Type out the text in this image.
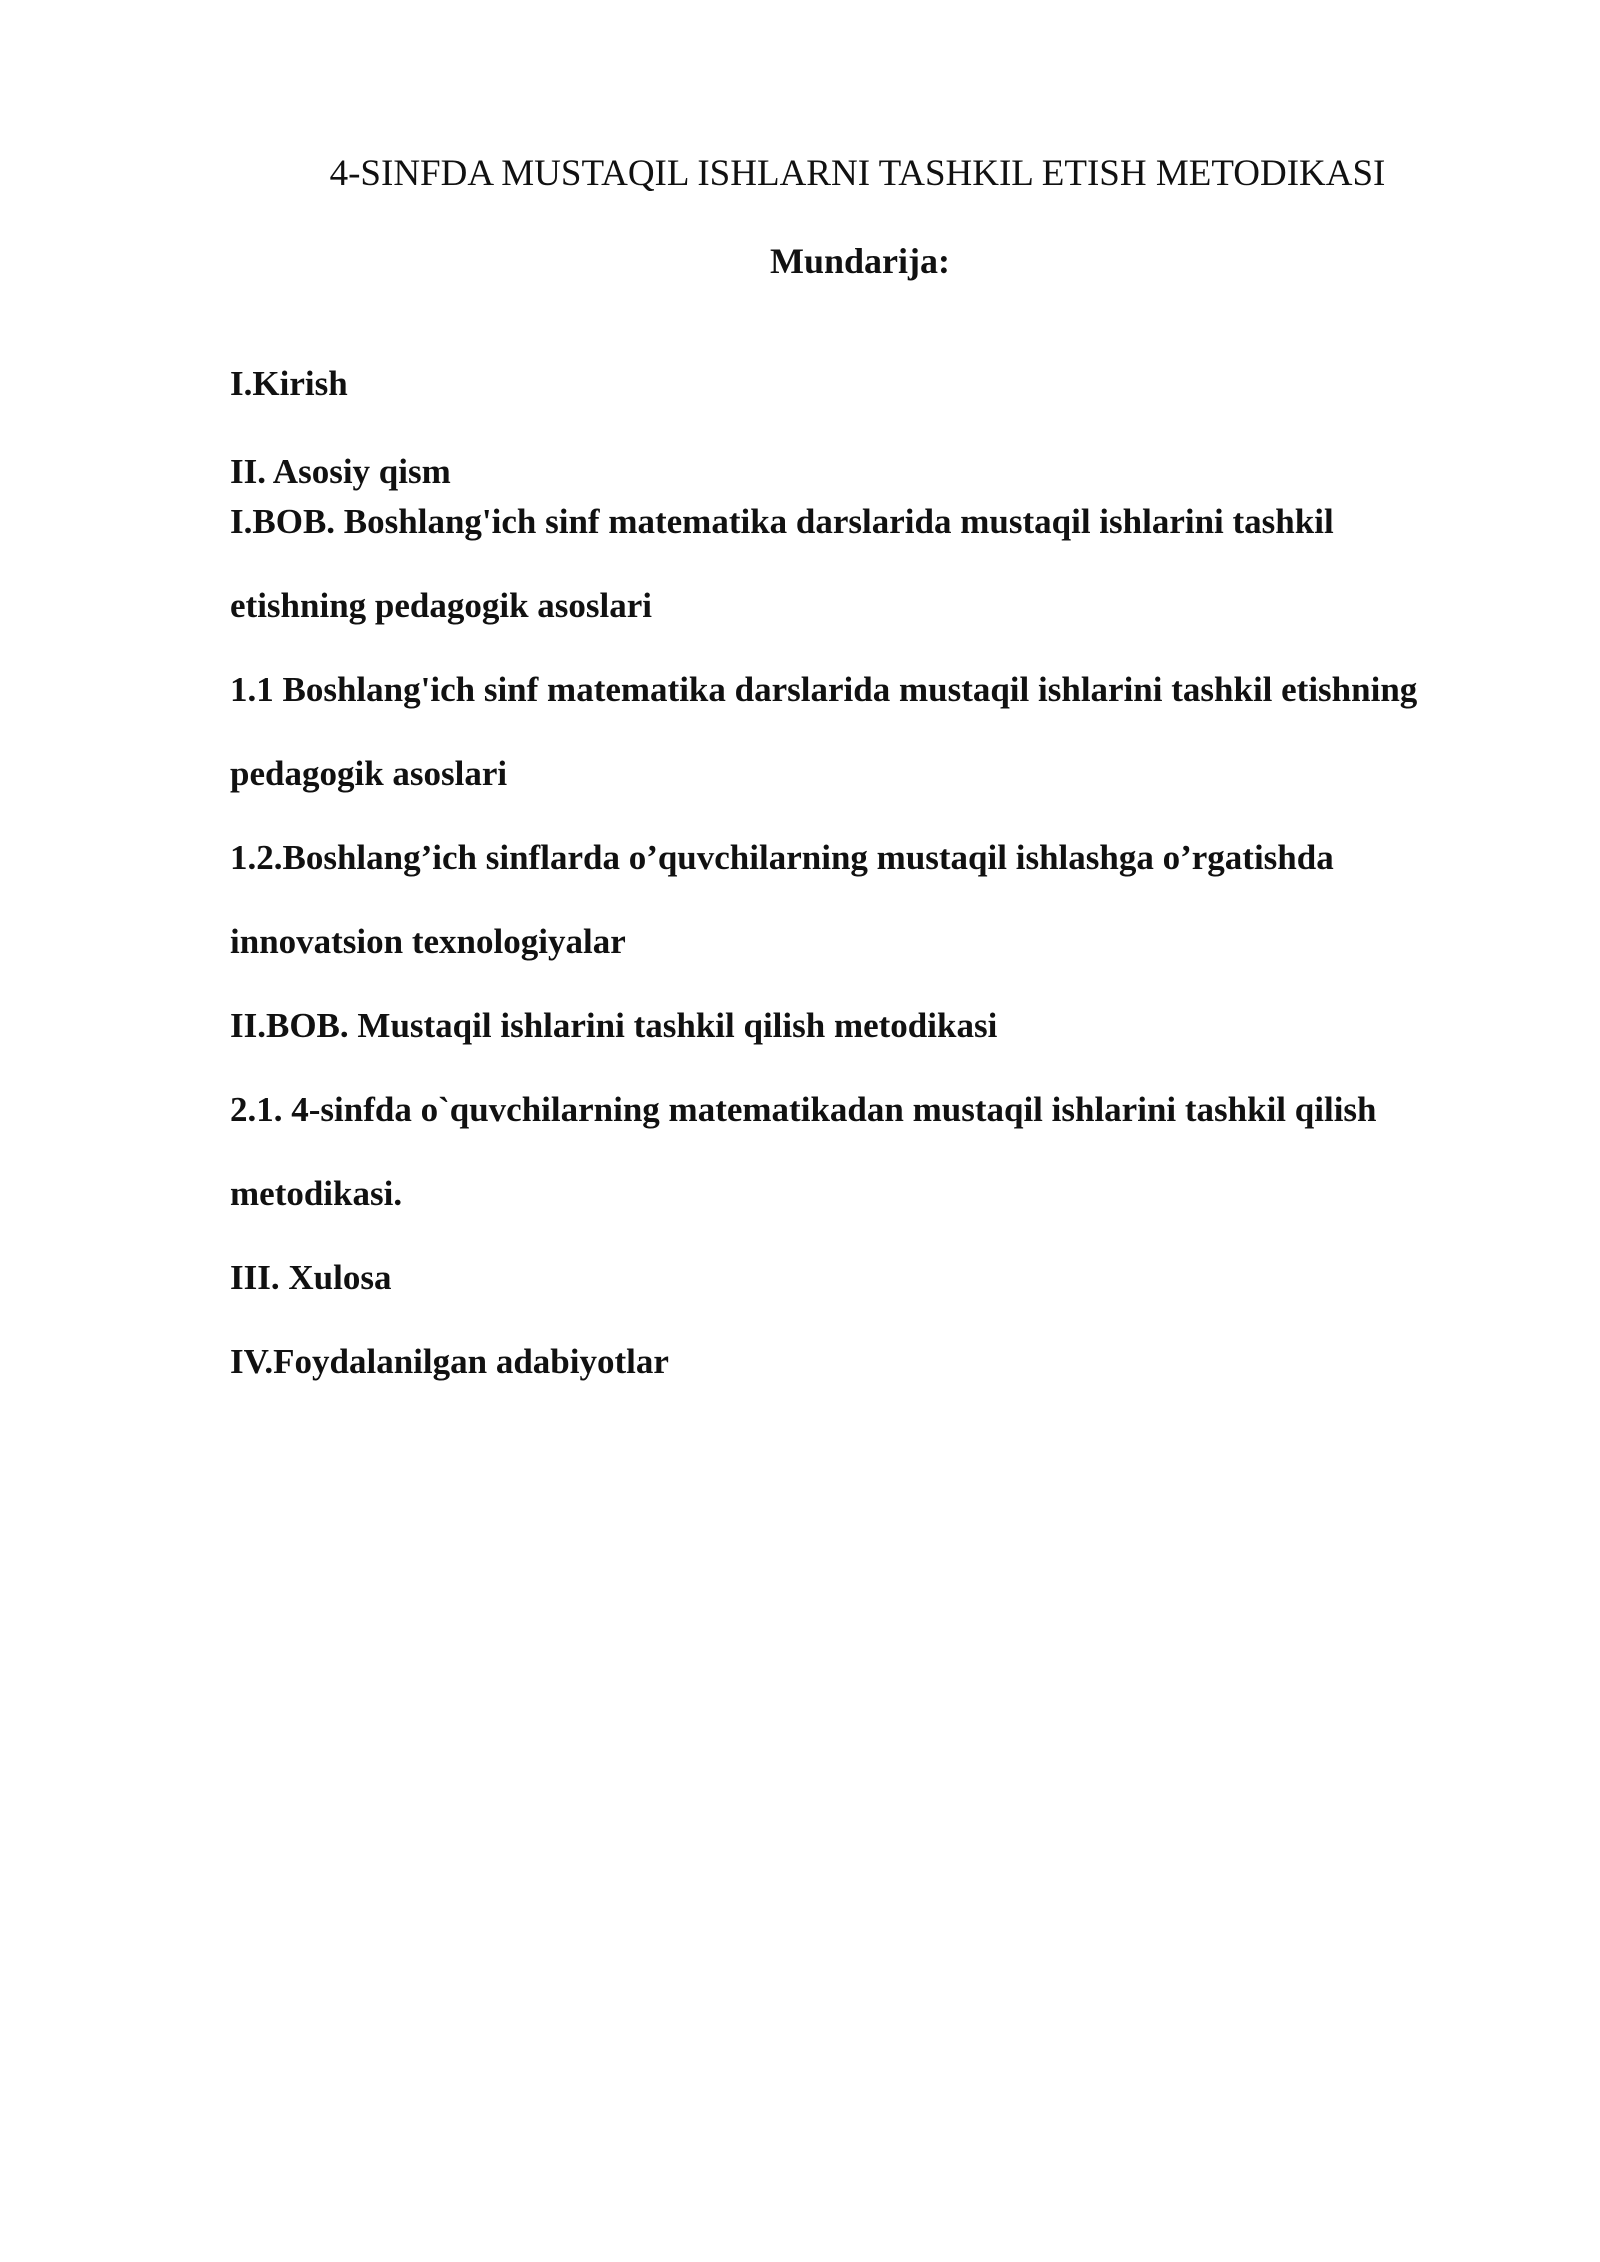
4-SINFDA MUSTAQIL ISHLARNI TASHKIL ETISH METODIKASI
Mundarija:
I.Kirish
II. Asosiy qism
I.BOB. Boshlang'ich sinf matematika darslarida mustaqil ishlarini tashkil
etishning pedagogik asoslari
1.1 Boshlang'ich sinf matematika darslarida mustaqil ishlarini tashkil etishning
pedagogik asoslari
1.2.Boshlang’ich sinflarda o’quvchilarning mustaqil ishlashga o’rgatishda
innovatsion texnologiyalar
II.BOB. Mustaqil ishlarini tashkil qilish metodikasi
2.1. 4-sinfda o`quvchilarning matematikadan mustaqil ishlarini tashkil qilish
metodikasi.
III. Xulosa
IV.Foydalanilgan adabiyotlar
